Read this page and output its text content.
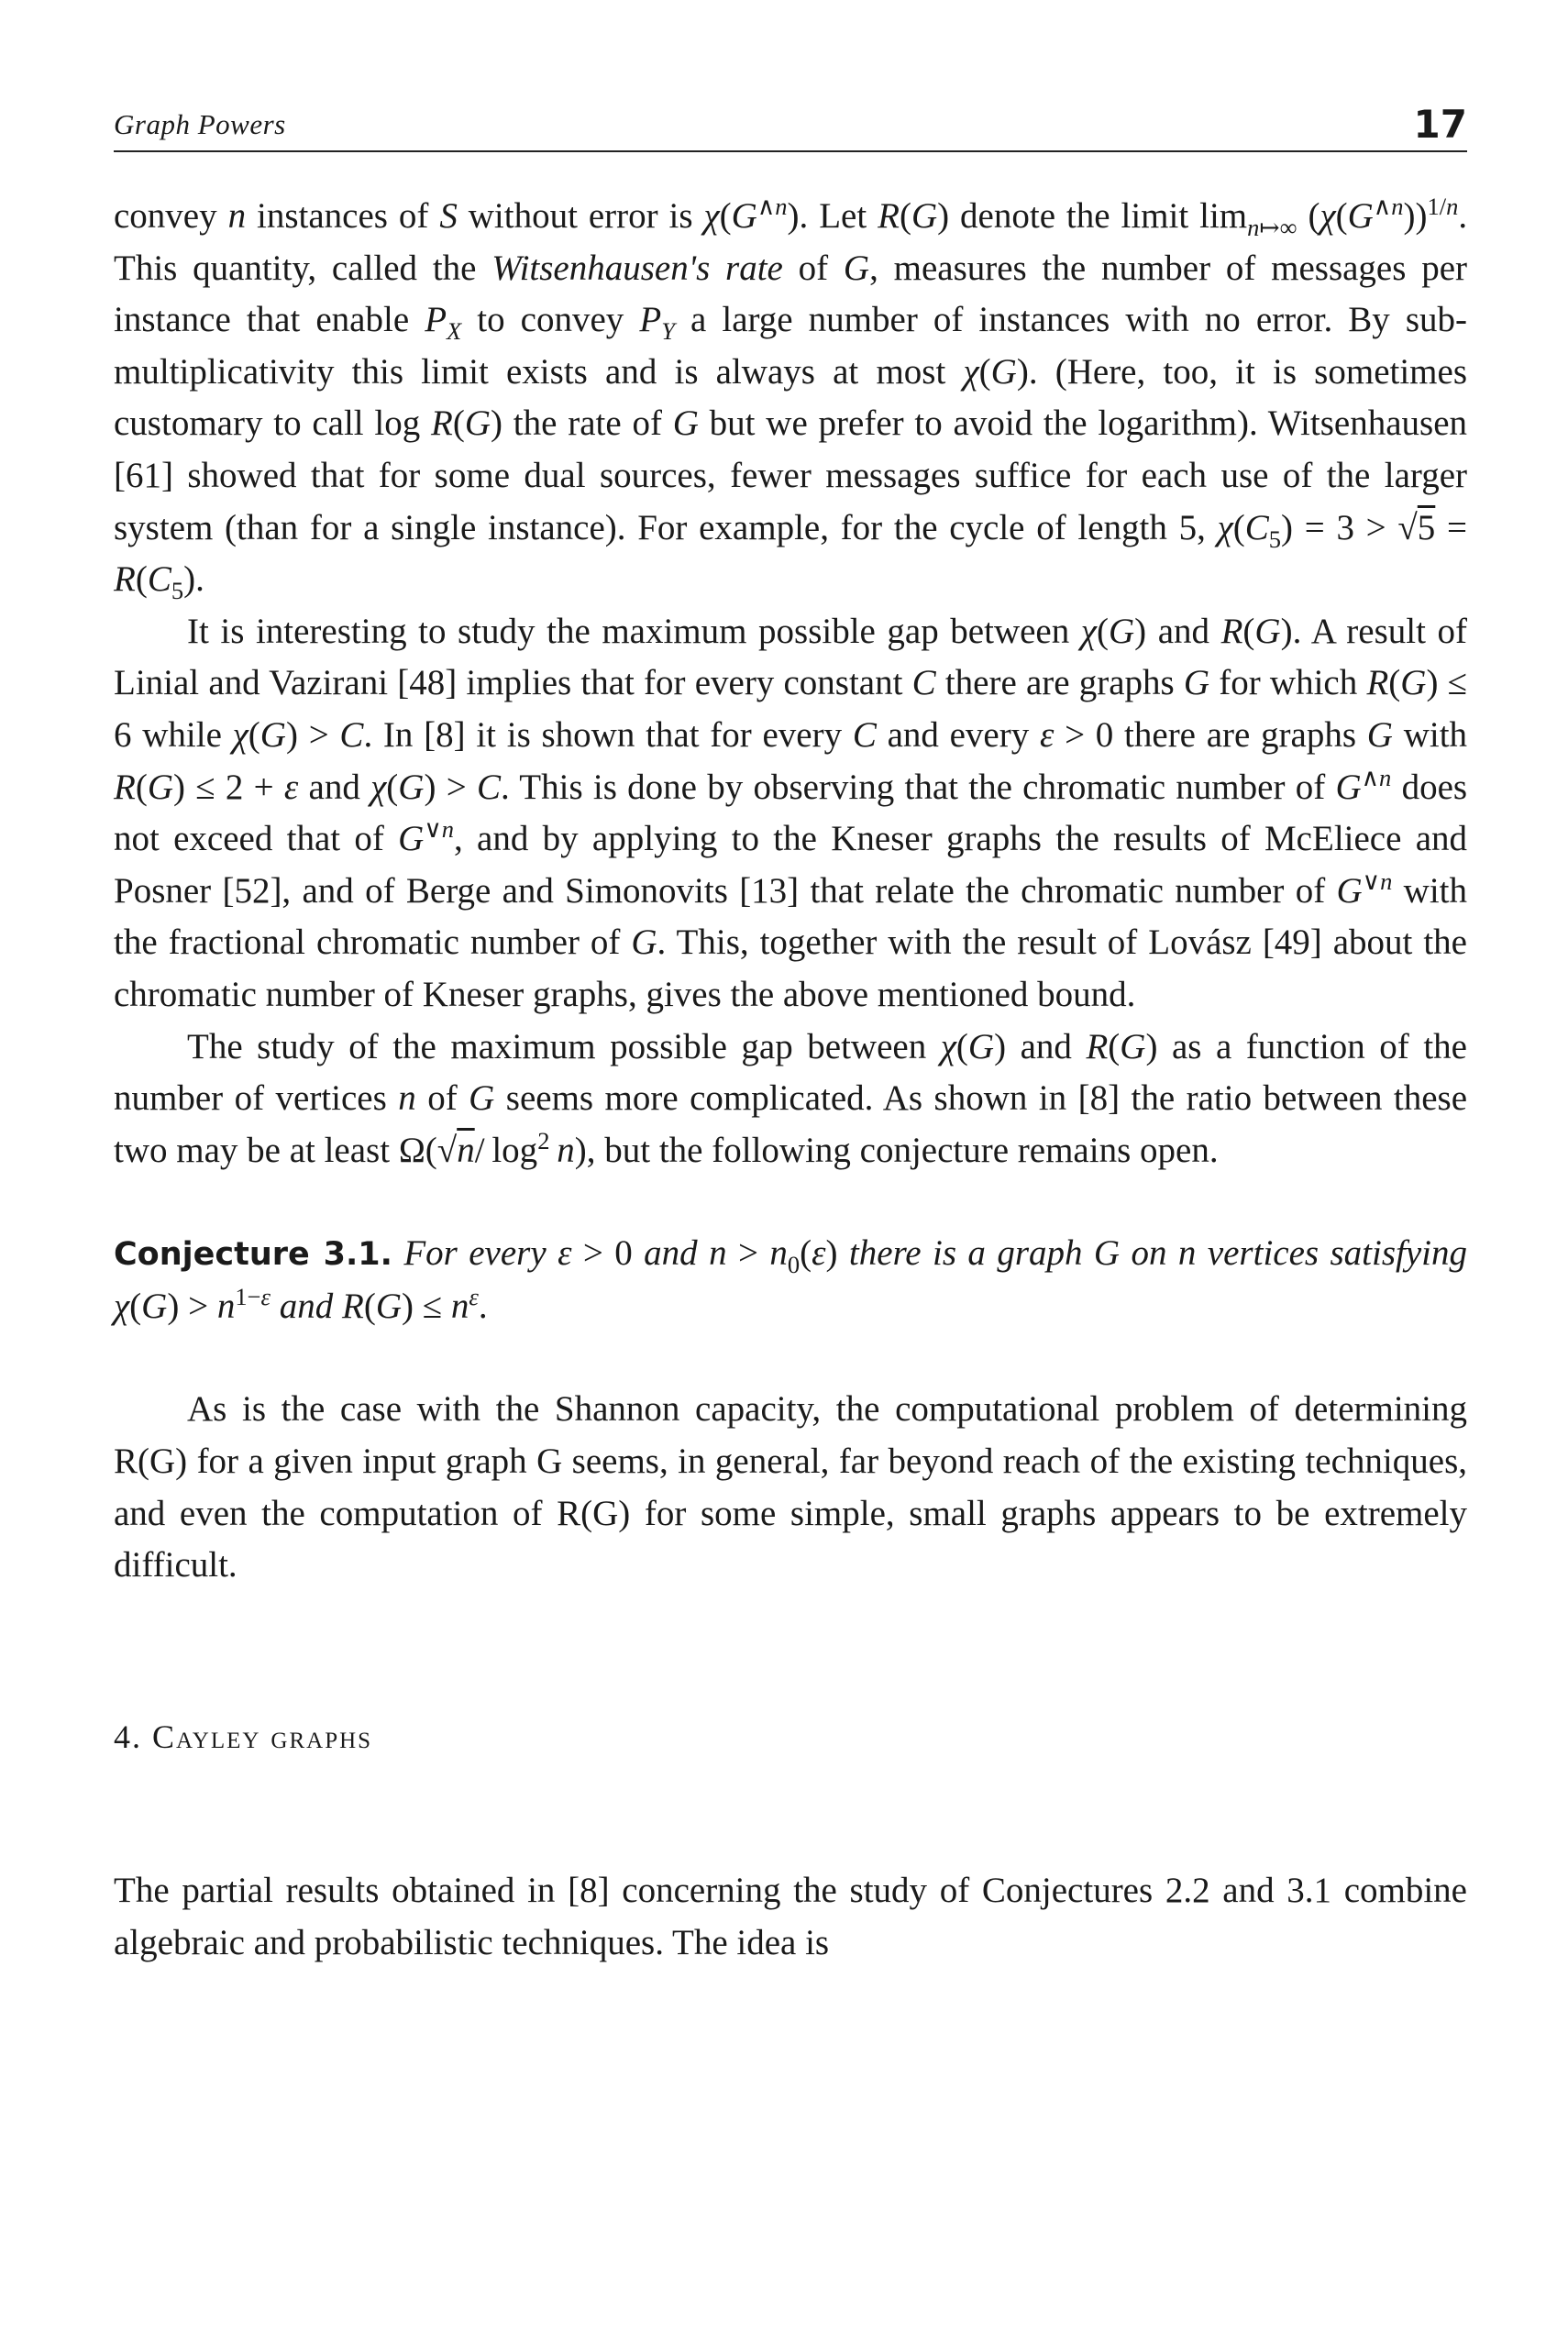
Graph Powers	17

convey n instances of S without error is $\chi(G^{\wedge n})$. Let R(G) denote the limit $\lim_{n↦\infty} (\chi(G^{\wedge n}))^{1/n}$. This quantity, called the Witsenhausen's rate of G, measures the number of messages per instance that enable $P_X$ to convey $P_Y$ a large number of instances with no error. By sub-multiplicativity this limit exists and is always at most χ(G). (Here, too, it is sometimes customary to call log R(G) the rate of G but we prefer to avoid the logarithm). Witsenhausen [61] showed that for some dual sources, fewer messages suffice for each use of the larger system (than for a single instance). For example, for the cycle of length 5, $\chi(C_5) = 3 > √5 = R(C_5)$.

It is interesting to study the maximum possible gap between χ(G) and R(G). A result of Linial and Vazirani [48] implies that for every constant C there are graphs G for which R(G) ≤ 6 while χ(G) > C. In [8] it is shown that for every C and every ε > 0 there are graphs G with R(G) ≤ 2 + ε and χ(G) > C. This is done by observing that the chromatic number of $G^{\wedge n}$ does not exceed that of $G^{\vee n}$, and by applying to the Kneser graphs the results of McEliece and Posner [52], and of Berge and Simonovits [13] that relate the chromatic number of $G^{\vee n}$ with the fractional chromatic number of G. This, together with the result of Lovász [49] about the chromatic number of Kneser graphs, gives the above mentioned bound.

The study of the maximum possible gap between χ(G) and R(G) as a function of the number of vertices n of G seems more complicated. As shown in [8] the ratio between these two may be at least Ω(√n/ $\log^2 n$), but the following conjecture remains open.

Conjecture 3.1. For every ε > 0 and $n > n_0(\varepsilon)$ there is a graph G on n vertices satisfying $\chi(G) > n^{1-\varepsilon}$ and $R(G) \le n^\varepsilon$.

As is the case with the Shannon capacity, the computational problem of determining R(G) for a given input graph G seems, in general, far beyond reach of the existing techniques, and even the computation of R(G) for some simple, small graphs appears to be extremely difficult.

4. Cayley graphs

The partial results obtained in [8] concerning the study of Conjectures 2.2 and 3.1 combine algebraic and probabilistic techniques. The idea is
